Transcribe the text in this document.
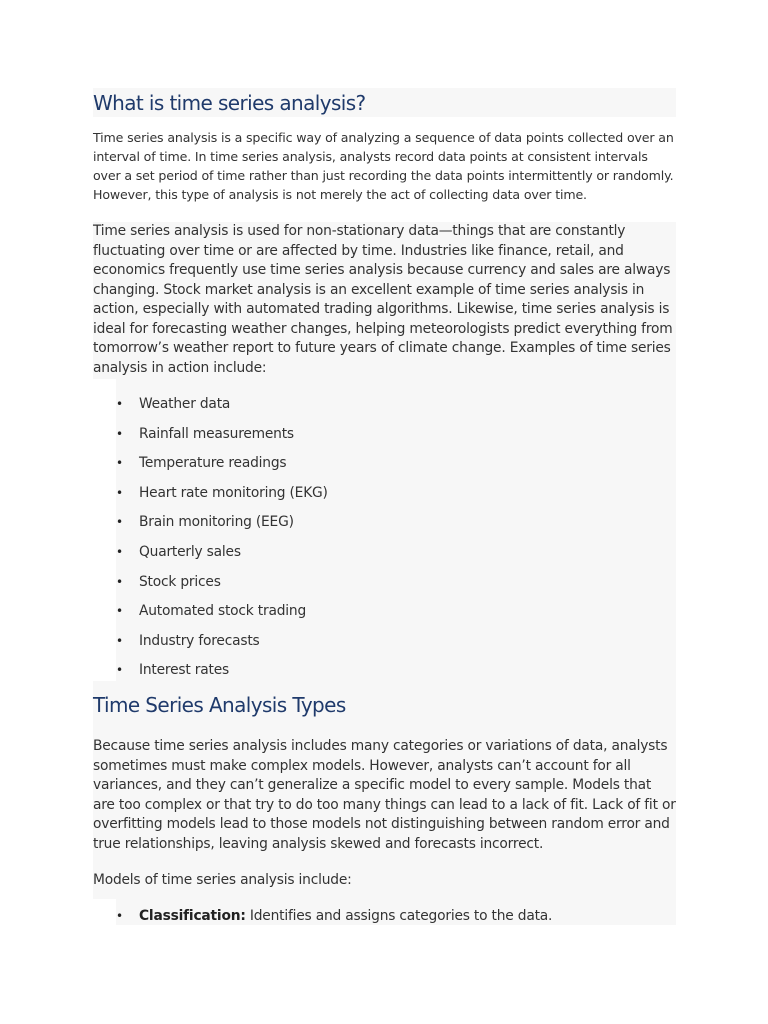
What is time series analysis?

Time series analysis is a specific way of analyzing a sequence of data points collected over an interval of time. In time series analysis, analysts record data points at consistent intervals over a set period of time rather than just recording the data points intermittently or randomly. However, this type of analysis is not merely the act of collecting data over time.

Time series analysis is used for non-stationary data—things that are constantly fluctuating over time or are affected by time. Industries like finance, retail, and economics frequently use time series analysis because currency and sales are always changing. Stock market analysis is an excellent example of time series analysis in action, especially with automated trading algorithms. Likewise, time series analysis is ideal for forecasting weather changes, helping meteorologists predict everything from tomorrow’s weather report to future years of climate change. Examples of time series analysis in action include:

• Weather data
• Rainfall measurements
• Temperature readings
• Heart rate monitoring (EKG)
• Brain monitoring (EEG)
• Quarterly sales
• Stock prices
• Automated stock trading
• Industry forecasts
• Interest rates
Time Series Analysis Types

Because time series analysis includes many categories or variations of data, analysts sometimes must make complex models. However, analysts can’t account for all variances, and they can’t generalize a specific model to every sample. Models that are too complex or that try to do too many things can lead to a lack of fit. Lack of fit or overfitting models lead to those models not distinguishing between random error and true relationships, leaving analysis skewed and forecasts incorrect.

Models of time series analysis include:

• Classification: Identifies and assigns categories to the data.
